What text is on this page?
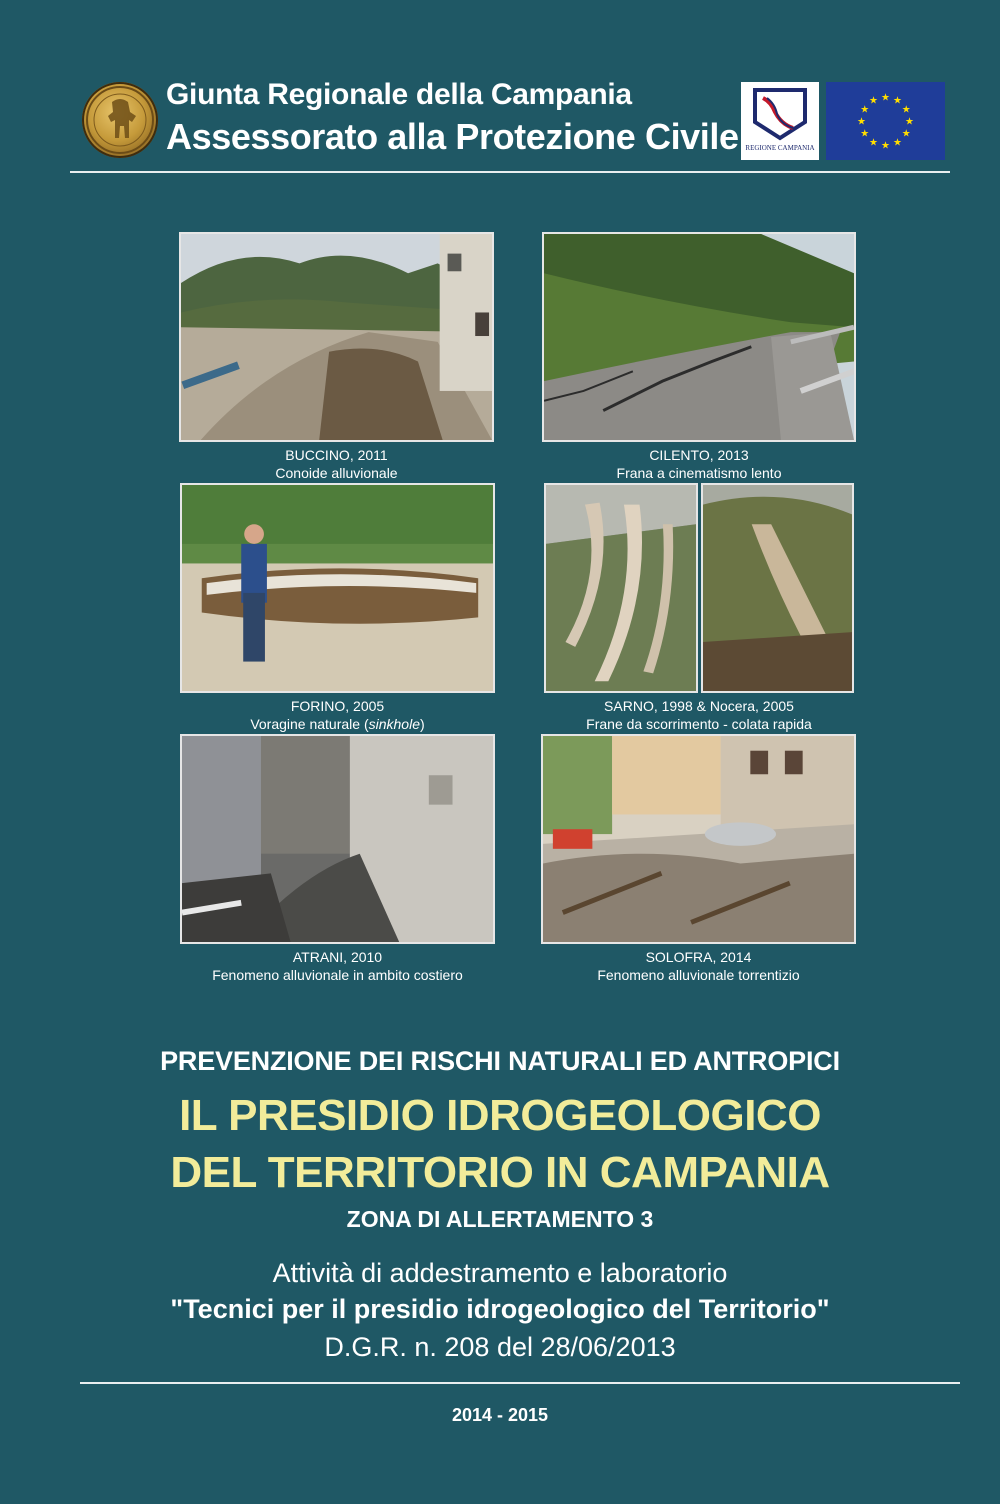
Giunta Regionale della Campania
Assessorato alla Protezione Civile REGIONE CAMPANIA
★ ★
★
★
★
★
★
★
★
★
★
★
BUCCINO, 2011
Conoide alluvionale
CILENTO, 2013
Frana a cinematismo lento
FORINO, 2005
Voragine naturale (sinkhole)
SARNO, 1998 & Nocera, 2005
Frane da scorrimento - colata rapida
ATRANI, 2010
Fenomeno alluvionale in ambito costiero
SOLOFRA, 2014
Fenomeno alluvionale torrentizio
PREVENZIONE DEI RISCHI NATURALI ED ANTROPICI
IL PRESIDIO IDROGEOLOGICO
DEL TERRITORIO IN CAMPANIA
ZONA DI ALLERTAMENTO 3
Attività di addestramento e laboratorio
"Tecnici per il presidio idrogeologico del Territorio"
D.G.R. n. 208 del 28/06/2013
2014 - 2015
